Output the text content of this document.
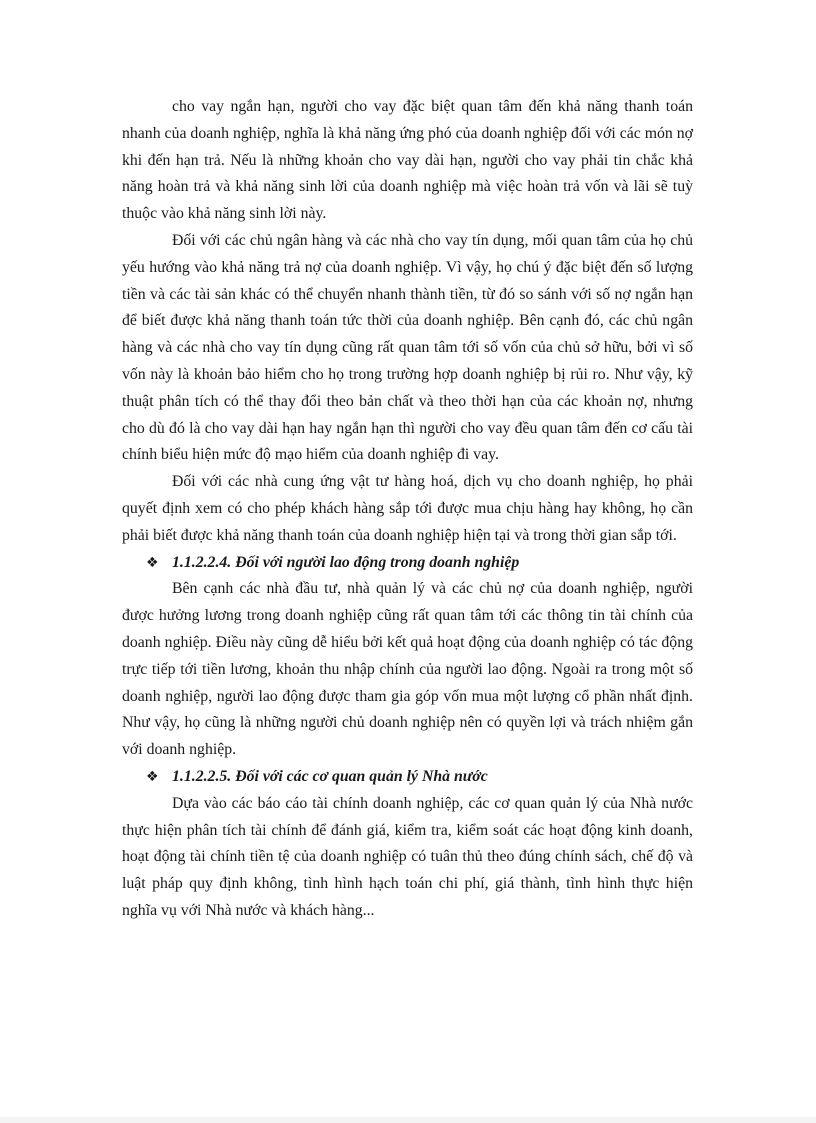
cho vay ngắn hạn, người cho vay đặc biệt quan tâm đến khả năng thanh toán nhanh của doanh nghiệp, nghĩa là khả năng ứng phó của doanh nghiệp đối với các món nợ khi đến hạn trả. Nếu là những khoản cho vay dài hạn, người cho vay phải tin chắc khả năng hoàn trả và khả năng sinh lời của doanh nghiệp mà việc hoàn trả vốn và lãi sẽ tuỳ thuộc vào khả năng sinh lời này.

Đối với các chủ ngân hàng và các nhà cho vay tín dụng, mối quan tâm của họ chủ yếu hướng vào khả năng trả nợ của doanh nghiệp. Vì vậy, họ chú ý đặc biệt đến số lượng tiền và các tài sản khác có thể chuyển nhanh thành tiền, từ đó so sánh với số nợ ngắn hạn để biết được khả năng thanh toán tức thời của doanh nghiệp. Bên cạnh đó, các chủ ngân hàng và các nhà cho vay tín dụng cũng rất quan tâm tới số vốn của chủ sở hữu, bởi vì số vốn này là khoản bảo hiểm cho họ trong trường hợp doanh nghiệp bị rủi ro. Như vậy, kỹ thuật phân tích có thể thay đổi theo bản chất và theo thời hạn của các khoản nợ, nhưng cho dù đó là cho vay dài hạn hay ngắn hạn thì người cho vay đều quan tâm đến cơ cấu tài chính biểu hiện mức độ mạo hiểm của doanh nghiệp đi vay.

Đối với các nhà cung ứng vật tư hàng hoá, dịch vụ cho doanh nghiệp, họ phải quyết định xem có cho phép khách hàng sắp tới được mua chịu hàng hay không, họ cần phải biết được khả năng thanh toán của doanh nghiệp hiện tại và trong thời gian sắp tới.

❖ 1.1.2.2.4. Đối với người lao động trong doanh nghiệp

Bên cạnh các nhà đầu tư, nhà quản lý và các chủ nợ của doanh nghiệp, người được hưởng lương trong doanh nghiệp cũng rất quan tâm tới các thông tin tài chính của doanh nghiệp. Điều này cũng dễ hiểu bởi kết quả hoạt động của doanh nghiệp có tác động trực tiếp tới tiền lương, khoản thu nhập chính của người lao động. Ngoài ra trong một số doanh nghiệp, người lao động được tham gia góp vốn mua một lượng cổ phần nhất định. Như vậy, họ cũng là những người chủ doanh nghiệp nên có quyền lợi và trách nhiệm gắn với doanh nghiệp.

❖ 1.1.2.2.5. Đối với các cơ quan quản lý Nhà nước

Dựa vào các báo cáo tài chính doanh nghiệp, các cơ quan quản lý của Nhà nước thực hiện phân tích tài chính để đánh giá, kiểm tra, kiểm soát các hoạt động kinh doanh, hoạt động tài chính tiền tệ của doanh nghiệp có tuân thủ theo đúng chính sách, chế độ và luật pháp quy định không, tình hình hạch toán chi phí, giá thành, tình hình thực hiện nghĩa vụ với Nhà nước và khách hàng...
